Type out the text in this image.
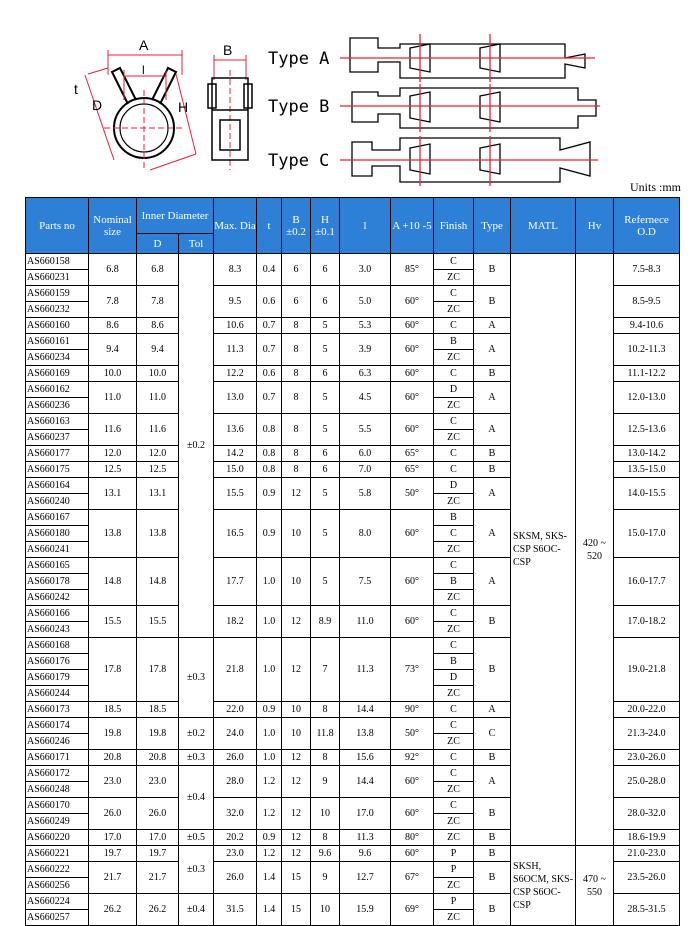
A	B
l
t
D	H
Type A
Type B
Type C
Units :mm
Parts no	Nominal size	Inner Diameter		Max. Dia	t	B ±0.2	H ±0.1	l	A +10 -5	Finish	Type	MATL	Hv	Refernece O.D
		D	Tol											
AS660158	6.8	6.8	±0.2	8.3	0.4	6	6	3.0	85°	C	B	SKSM, SKS-CSP S6OC-CSP	420 ~ 520	7.5-8.3
AS660231										ZC				
AS660159	7.8	7.8		9.5	0.6	6	6	5.0	60°	C	B			8.5-9.5
AS660232										ZC				
AS660160	8.6	8.6		10.6	0.7	8	5	5.3	60°	C	A			9.4-10.6
AS660161	9.4	9.4		11.3	0.7	8	5	3.9	60°	B	A			10.2-11.3
AS660234										ZC				
AS660169	10.0	10.0		12.2	0.6	8	6	6.3	60°	C	B			11.1-12.2
AS660162	11.0	11.0		13.0	0.7	8	5	4.5	60°	D	A			12.0-13.0
AS660236										ZC				
AS660163	11.6	11.6		13.6	0.8	8	5	5.5	60°	C	A			12.5-13.6
AS660237										ZC				
AS660177	12.0	12.0		14.2	0.8	8	6	6.0	65°	C	B			13.0-14.2
AS660175	12.5	12.5		15.0	0.8	8	6	7.0	65°	C	B			13.5-15.0
AS660164	13.1	13.1		15.5	0.9	12	5	5.8	50°	D	A			14.0-15.5
AS660240										ZC				
AS660167	13.8	13.8		16.5	0.9	10	5	8.0	60°	B	A			15.0-17.0
AS660180										C				
AS660241										ZC				
AS660165	14.8	14.8		17.7	1.0	10	5	7.5	60°	C	A			16.0-17.7
AS660178										B				
AS660242										ZC				
AS660166	15.5	15.5		18.2	1.0	12	8.9	11.0	60°	C	B			17.0-18.2
AS660243										ZC				
AS660168	17.8	17.8	±0.3	21.8	1.0	12	7	11.3	73°	C	B			19.0-21.8
AS660176										B				
AS660179										D				
AS660244										ZC				
AS660173	18.5	18.5		22.0	0.9	10	8	14.4	90°	C	A			20.0-22.0
AS660174	19.8	19.8	±0.2	24.0	1.0	10	11.8	13.8	50°	C	C			21.3-24.0
AS660246										ZC				
AS660171	20.8	20.8	±0.3	26.0	1.0	12	8	15.6	92°	C	B			23.0-26.0
AS660172	23.0	23.0	±0.4	28.0	1.2	12	9	14.4	60°	C	A			25.0-28.0
AS660248										ZC				
AS660170	26.0	26.0		32.0	1.2	12	10	17.0	60°	C	B			28.0-32.0
AS660249										ZC				
AS660220	17.0	17.0	±0.5	20.2	0.9	12	8	11.3	80°	ZC	B			18.6-19.9
AS660221	19.7	19.7	±0.3	23.0	1.2	12	9.6	9.6	60°	P	B	SKSH, S6OCM, SKS-CSP S6OC-CSP	470 ~ 550	21.0-23.0
AS660222	21.7	21.7		26.0	1.4	15	9	12.7	67°	P	B			23.5-26.0
AS660256										ZC				
AS660224	26.2	26.2	±0.4	31.5	1.4	15	10	15.9	69°	P	B			28.5-31.5
AS660257										ZC				
